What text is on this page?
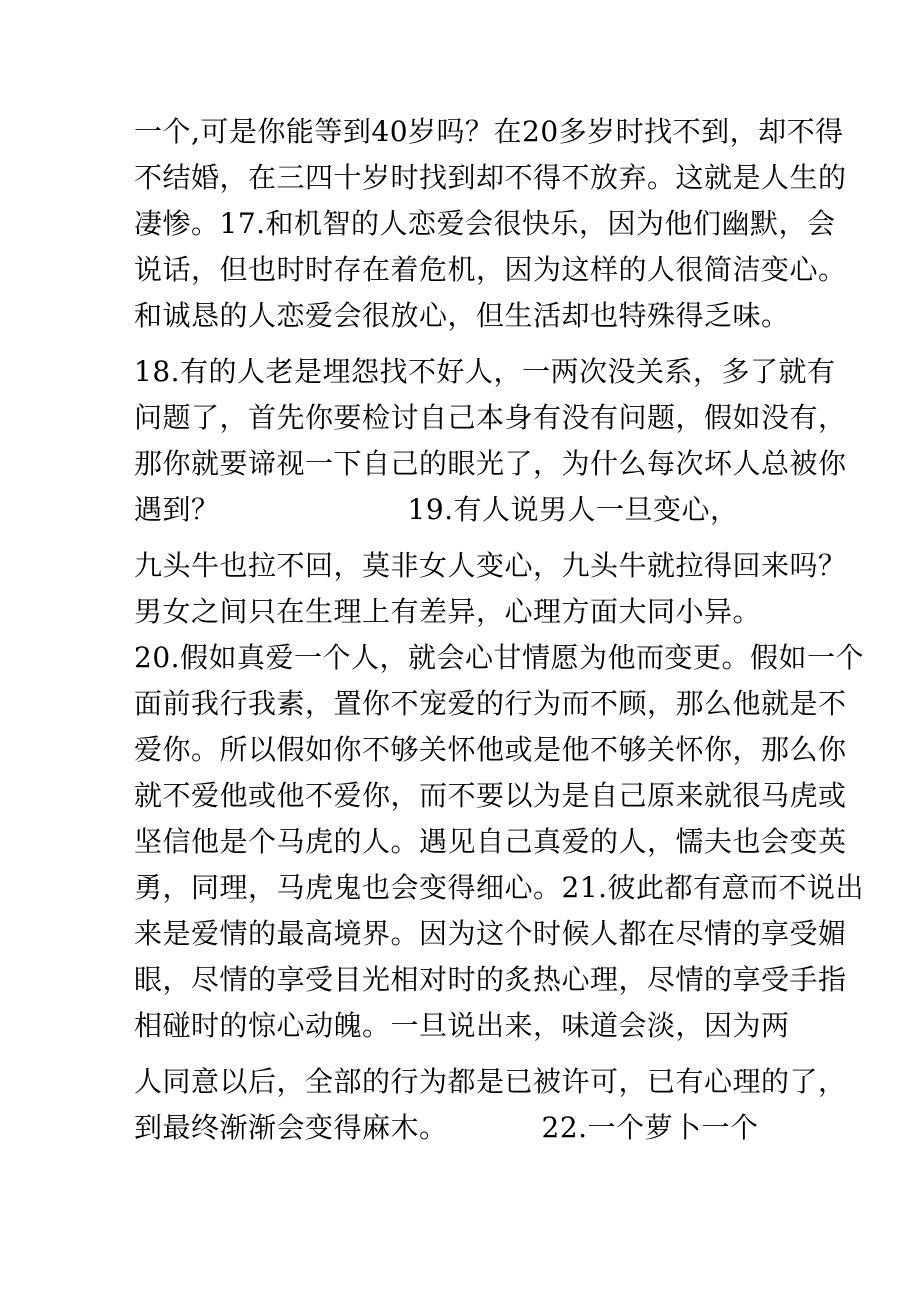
一个,可是你能等到40岁吗？在20多岁时找不到，却不得
不结婚，在三四十岁时找到却不得不放弃。这就是人生的
凄惨。17.和机智的人恋爱会很快乐，因为他们幽默，会
说话，但也时时存在着危机，因为这样的人很简洁变心。
和诚恳的人恋爱会很放心，但生活却也特殊得乏味。
18.有的人老是埋怨找不好人，一两次没关系，多了就有
问题了，首先你要检讨自己本身有没有问题，假如没有，
那你就要谛视一下自己的眼光了，为什么每次坏人总被你
遇到？                    19.有人说男人一旦变心，
九头牛也拉不回，莫非女人变心，九头牛就拉得回来吗？
男女之间只在生理上有差异，心理方面大同小异。
20.假如真爱一个人，就会心甘情愿为他而变更。假如一个
面前我行我素，置你不宠爱的行为而不顾，那么他就是不
爱你。所以假如你不够关怀他或是他不够关怀你，那么你
就不爱他或他不爱你，而不要以为是自己原来就很马虎或
坚信他是个马虎的人。遇见自己真爱的人，懦夫也会变英
勇，同理，马虎鬼也会变得细心。21.彼此都有意而不说出
来是爱情的最高境界。因为这个时候人都在尽情的享受媚
眼，尽情的享受目光相对时的炙热心理，尽情的享受手指
相碰时的惊心动魄。一旦说出来，味道会淡，因为两
人同意以后，全部的行为都是已被许可，已有心理的了，
到最终渐渐会变得麻木。          22.一个萝卜一个
